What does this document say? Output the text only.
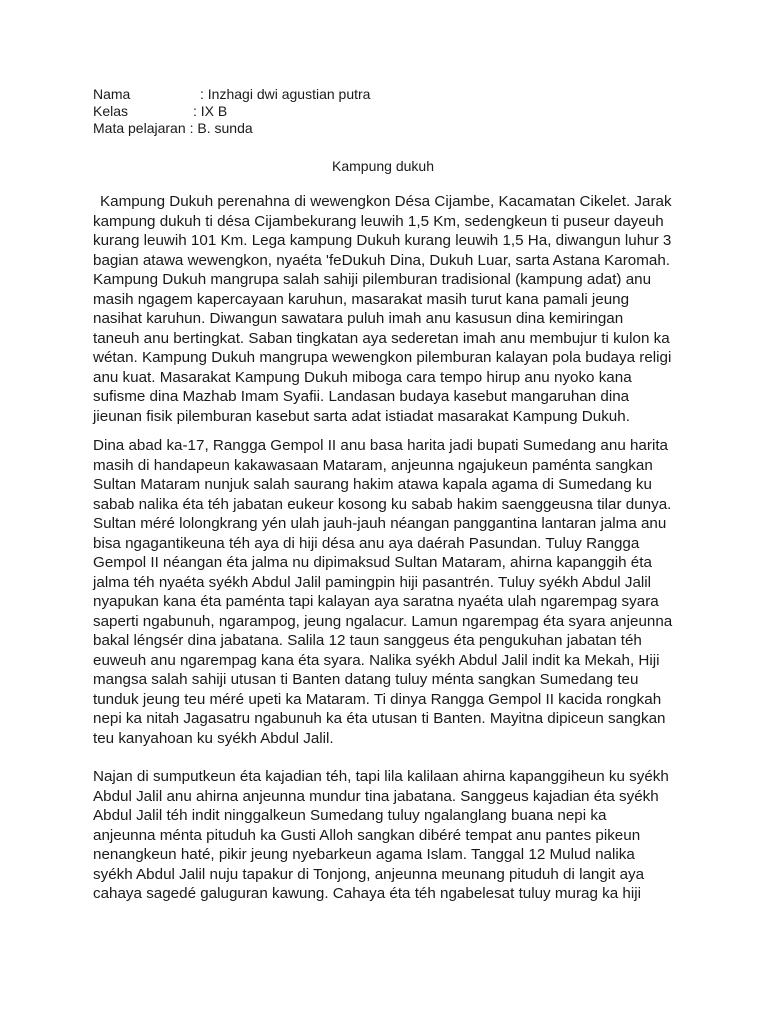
Nama	: Inzhagi dwi agustian putra
Kelas	: IX B
Mata pelajaran : B. sunda
Kampung dukuh

Kampung Dukuh perenahna di wewengkon Désa Cijambe, Kacamatan Cikelet. Jarak kampung dukuh ti désa Cijambekurang leuwih 1,5 Km, sedengkeun ti puseur dayeuh kurang leuwih 101 Km. Lega kampung Dukuh kurang leuwih 1,5 Ha, diwangun luhur 3 bagian atawa wewengkon, nyaéta 'feDukuh Dina, Dukuh Luar, sarta Astana Karomah. Kampung Dukuh mangrupa salah sahiji pilemburan tradisional (kampung adat) anu masih ngagem kapercayaan karuhun, masarakat masih turut kana pamali jeung nasihat karuhun. Diwangun sawatara puluh imah anu kasusun dina kemiringan taneuh anu bertingkat. Saban tingkatan aya sederetan imah anu membujur ti kulon ka wétan. Kampung Dukuh mangrupa wewengkon pilemburan kalayan pola budaya religi anu kuat. Masarakat Kampung Dukuh miboga cara tempo hirup anu nyoko kana sufisme dina Mazhab Imam Syafii. Landasan budaya kasebut mangaruhan dina jieunan fisik pilemburan kasebut sarta adat istiadat masarakat Kampung Dukuh.

Dina abad ka-17, Rangga Gempol II anu basa harita jadi bupati Sumedang anu harita masih di handapeun kakawasaan Mataram, anjeunna ngajukeun paménta sangkan Sultan Mataram nunjuk salah saurang hakim atawa kapala agama di Sumedang ku sabab nalika éta téh jabatan eukeur kosong ku sabab hakim saenggeusna tilar dunya. Sultan méré lolongkrang yén ulah jauh-jauh néangan panggantina lantaran jalma anu bisa ngagantikeuna téh aya di hiji désa anu aya daérah Pasundan. Tuluy Rangga Gempol II néangan éta jalma nu dipimaksud Sultan Mataram, ahirna kapanggih éta jalma téh nyaéta syékh Abdul Jalil pamingpin hiji pasantrén. Tuluy syékh Abdul Jalil nyapukan kana éta paménta tapi kalayan aya saratna nyaéta ulah ngarempag syara saperti ngabunuh, ngarampog, jeung ngalacur. Lamun ngarempag éta syara anjeunna bakal léngsér dina jabatana. Salila 12 taun sanggeus éta pengukuhan jabatan téh euweuh anu ngarempag kana éta syara. Nalika syékh Abdul Jalil indit ka Mekah, Hiji mangsa salah sahiji utusan ti Banten datang tuluy ménta sangkan Sumedang teu tunduk jeung teu méré upeti ka Mataram. Ti dinya Rangga Gempol II kacida rongkah nepi ka nitah Jagasatru ngabunuh ka éta utusan ti Banten. Mayitna dipiceun sangkan teu kanyahoan ku syékh Abdul Jalil.

Najan di sumputkeun éta kajadian téh, tapi lila kalilaan ahirna kapanggiheun ku syékh Abdul Jalil anu ahirna anjeunna mundur tina jabatana. Sanggeus kajadian éta syékh Abdul Jalil téh indit ninggalkeun Sumedang tuluy ngalanglang buana nepi ka anjeunna ménta pituduh ka Gusti Alloh sangkan dibéré tempat anu pantes pikeun nenangkeun haté, pikir jeung nyebarkeun agama Islam. Tanggal 12 Mulud nalika syékh Abdul Jalil nuju tapakur di Tonjong, anjeunna meunang pituduh di langit aya cahaya sagedé galuguran kawung. Cahaya éta téh ngabelesat tuluy murag ka hiji
